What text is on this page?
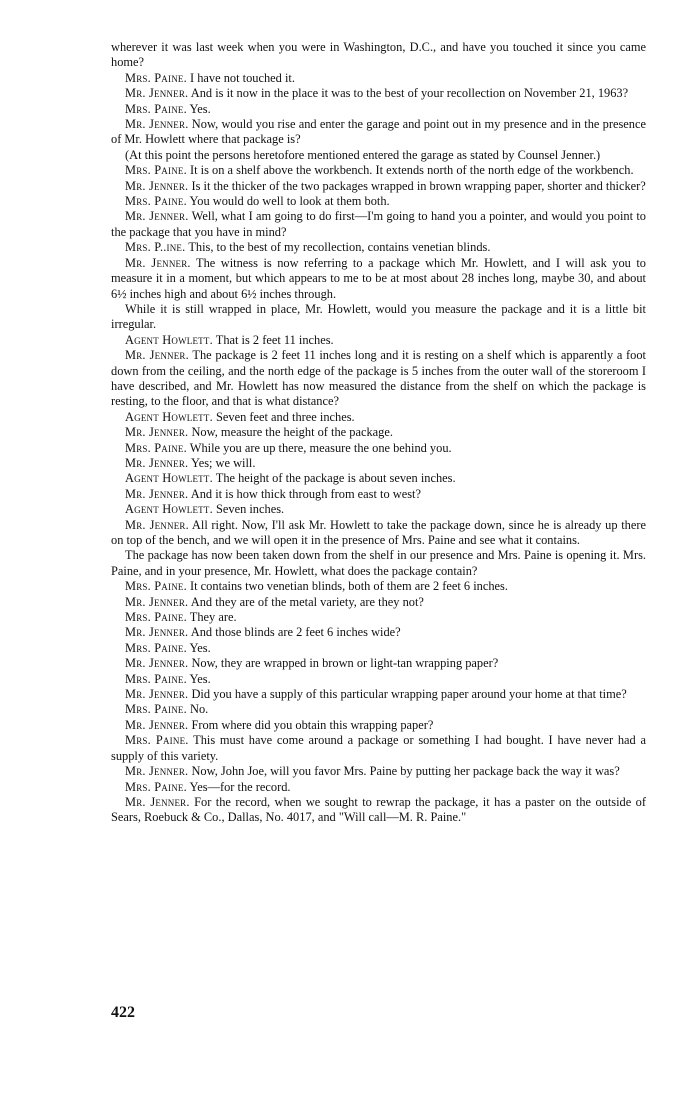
wherever it was last week when you were in Washington, D.C., and have you touched it since you came home?

Mrs. Paine. I have not touched it.

Mr. Jenner. And is it now in the place it was to the best of your recollection on November 21, 1963?

Mrs. Paine. Yes.

Mr. Jenner. Now, would you rise and enter the garage and point out in my presence and in the presence of Mr. Howlett where that package is?

(At this point the persons heretofore mentioned entered the garage as stated by Counsel Jenner.)

Mrs. Paine. It is on a shelf above the workbench. It extends north of the north edge of the workbench.

Mr. Jenner. Is it the thicker of the two packages wrapped in brown wrapping paper, shorter and thicker?

Mrs. Paine. You would do well to look at them both.

Mr. Jenner. Well, what I am going to do first—I'm going to hand you a pointer, and would you point to the package that you have in mind?

Mrs. P..ine. This, to the best of my recollection, contains venetian blinds.

Mr. Jenner. The witness is now referring to a package which Mr. Howlett, and I will ask you to measure it in a moment, but which appears to me to be at most about 28 inches long, maybe 30, and about 6½ inches high and about 6½ inches through.

While it is still wrapped in place, Mr. Howlett, would you measure the package and it is a little bit irregular.

Agent Howlett. That is 2 feet 11 inches.

Mr. Jenner. The package is 2 feet 11 inches long and it is resting on a shelf which is apparently a foot down from the ceiling, and the north edge of the package is 5 inches from the outer wall of the storeroom I have described, and Mr. Howlett has now measured the distance from the shelf on which the package is resting, to the floor, and that is what distance?

Agent Howlett. Seven feet and three inches.

Mr. Jenner. Now, measure the height of the package.

Mrs. Paine. While you are up there, measure the one behind you.

Mr. Jenner. Yes; we will.

Agent Howlett. The height of the package is about seven inches.

Mr. Jenner. And it is how thick through from east to west?

Agent Howlett. Seven inches.

Mr. Jenner. All right. Now, I'll ask Mr. Howlett to take the package down, since he is already up there on top of the bench, and we will open it in the presence of Mrs. Paine and see what it contains.

The package has now been taken down from the shelf in our presence and Mrs. Paine is opening it. Mrs. Paine, and in your presence, Mr. Howlett, what does the package contain?

Mrs. Paine. It contains two venetian blinds, both of them are 2 feet 6 inches.

Mr. Jenner. And they are of the metal variety, are they not?

Mrs. Paine. They are.

Mr. Jenner. And those blinds are 2 feet 6 inches wide?

Mrs. Paine. Yes.

Mr. Jenner. Now, they are wrapped in brown or light-tan wrapping paper?

Mrs. Paine. Yes.

Mr. Jenner. Did you have a supply of this particular wrapping paper around your home at that time?

Mrs. Paine. No.

Mr. Jenner. From where did you obtain this wrapping paper?

Mrs. Paine. This must have come around a package or something I had bought. I have never had a supply of this variety.

Mr. Jenner. Now, John Joe, will you favor Mrs. Paine by putting her package back the way it was?

Mrs. Paine. Yes—for the record.

Mr. Jenner. For the record, when we sought to rewrap the package, it has a paster on the outside of Sears, Roebuck & Co., Dallas, No. 4017, and "Will call—M. R. Paine."

422
